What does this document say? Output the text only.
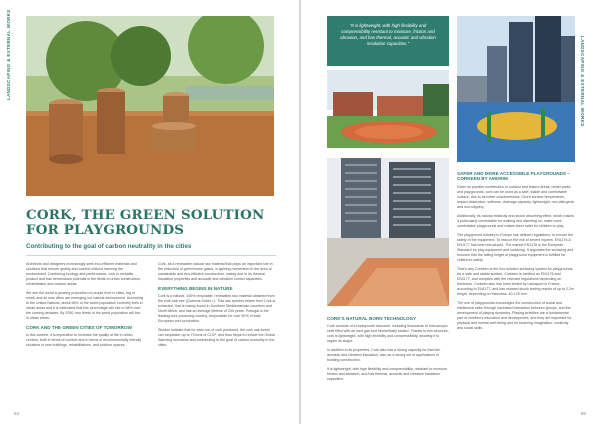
LANDSCAPING & EXTERNAL WORKS
CORK, THE GREEN SOLUTION
FOR PLAYGROUNDS
Contributing to the goal of carbon neutrality in the cities

Architects and designers increasingly seek eco-efficient materials and solutions that ensure quality and comfort without harming the environment. Combining ecology and performance, cork is versatile product and has tremendous potential in the fields of urban construction, rehabilitation and outdoor areas.

We see the world a growing proportion of people ever in cities, big or small, and so new cities are emerging our natural environment. According to the United Nations, about 56% of the world population currently lives in urban areas and it is estimated that this percentage will rise to 68% over the coming decades. By 2050, two thirds of the world population will live in urban areas.

CORK AND THE GREEN CITIES OF TOMORROW

In this context, it is imperative to increase the quality of life in urban centers, both in terms of comfort and in terms of environmentally friendly solutions in new buildings, rehabilitations, and outdoor spaces.

Cork, as a renewable natural raw material that plays an important role in the reduction of greenhouse gases, is gaining momentum in the area of sustainable and eco-efficient construction, mainly due to its thermal insulation properties and acoustic and vibration control capacities.

EVERYTHING BEGINS IN NATURE

Cork is a natural, 100% recyclable, renewable raw material obtained from the cork oak tree (Quercus Suber L). This oak species where from Cork is extracted, that is mainly found in Southern Mediterranean countries and North Africa, and has an average lifetime of 200 years. Portugal is the leading cork-producing country, responsible for over 50% of total European cork production.

Studies indicate that for each ton of cork produced, the cork oak forest can sequester up to 73 tons of CO2*, and thus helps to reduce the Global Warming scenarios and contributing to the goal of carbon neutrality in the cities.

54
LANDSCAPING & EXTERNAL WORKS
"It is lightweight, with high flexibility and compressibility resistant to moisture, friction and abrasion, and has thermal, acoustic and vibration insulation capacities."
CORK'S NATURAL BORN TECHNOLOGY

Cork consists of a honeycomb structure, including thousands of microscopic cells filled with an inert gas and hermetically sealed. Thanks to this structure, cork is lightweight, with high flexibility and compressibility, allowing it to regain its shape.

In addition to its properties, Cork also has a strong capacity for thermal, acoustic and vibration insulation, also as a strong set of applications in building construction.

It is lightweight, with high flexibility and compressibility, resistant to moisture, friction and abrasion, and has thermal, acoustic and vibration insulation capacities.

SAFER AND MORE ACCESSIBLE PLAYGROUNDS – CORKEEN BY AMORIM

Given its positive contribution to outdoor and leisure areas, urban parks and playgrounds, cork can be used as a safe, stable and comfortable surface, due to its mean characteristics: Given surface temperature, impact absorption, softness, drainage capacity, lightweight, non-allergenic and non-slippery.

Additionally, its natural elasticity and shock absorbing effect, which makes it particularly comfortable for walking and standing on, make more comfortable playgrounds and makes them safer for children to play.

The playground industry in Europe has defined regulations, to ensure the safety of the equipment. To reduce the risk of severe injuries, EN1176 & EN1177 has been introduced. The market EN1176 is the European Standard for play equipment and surfacing. It regulates the surfacing and ensures that the falling height of playground equipment is fulfilled for children's safety.

That's why Corkeen is the eco-solution surfacing system for playgrounds. As a safe and stable surface, Corkeen is certified as EN1176 and EN1177, and complies with the relevant regulations depending on thickness. Corkeen also has been tested by Labosport in France, according to EN1177, and has showed shock testing results of up to 2.2m height, depending on thickness, 40-125 mm.

The use of playgrounds encourages the construction of social and intellectual skills through increased interaction between groups, and the development of playing dynamics. Playing activities are a fundamental part of children's education and development, and they are important for physical and mental well-being and for fostering imagination, creativity and social skills.

55
